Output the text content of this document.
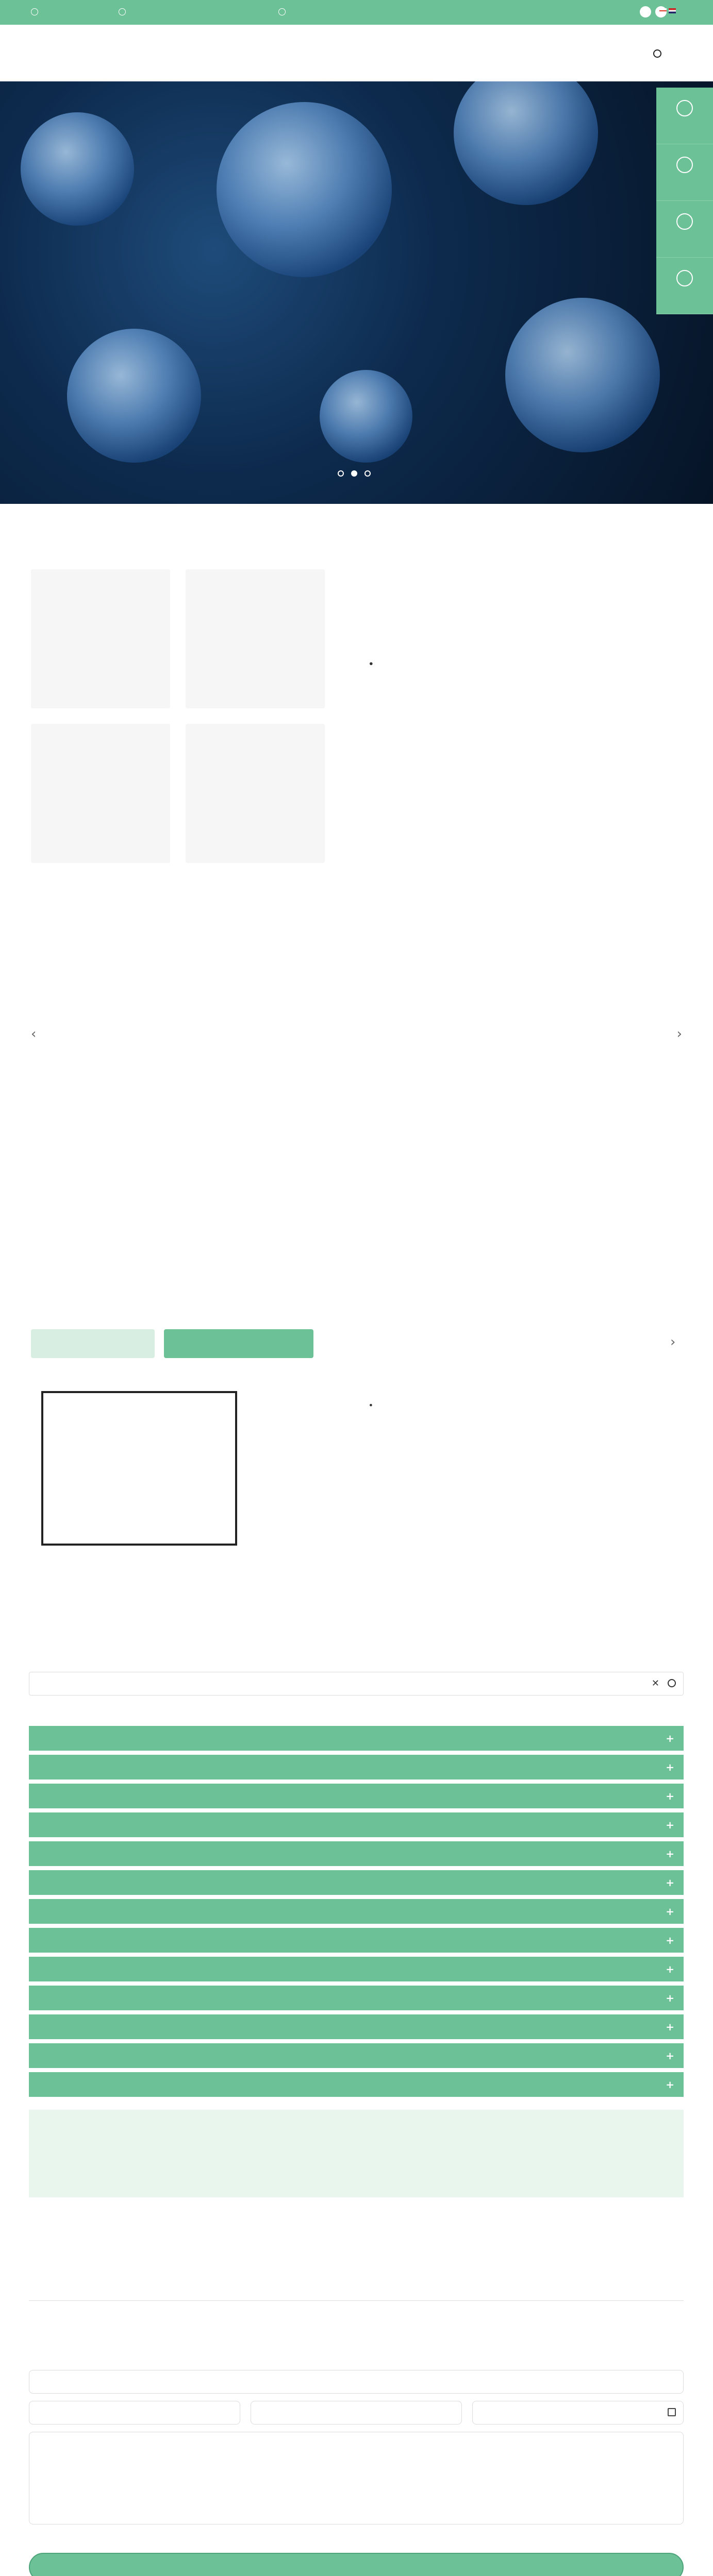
‹	›

›

✕
+
+
+
+
+
+
+
+
+
+
+
+
+
